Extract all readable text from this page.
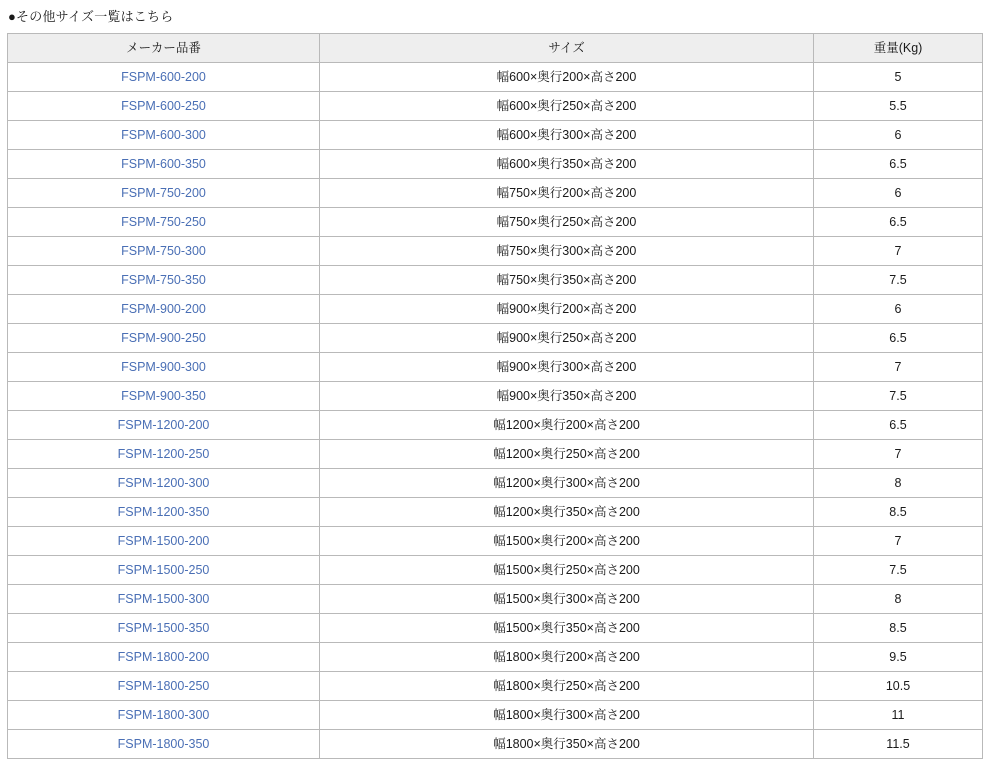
●その他サイズ一覧はこちら
メーカー品番	サイズ	重量(Kg)
FSPM-600-200	幅600×奥行200×高さ200	5
FSPM-600-250	幅600×奥行250×高さ200	5.5
FSPM-600-300	幅600×奥行300×高さ200	6
FSPM-600-350	幅600×奥行350×高さ200	6.5
FSPM-750-200	幅750×奥行200×高さ200	6
FSPM-750-250	幅750×奥行250×高さ200	6.5
FSPM-750-300	幅750×奥行300×高さ200	7
FSPM-750-350	幅750×奥行350×高さ200	7.5
FSPM-900-200	幅900×奥行200×高さ200	6
FSPM-900-250	幅900×奥行250×高さ200	6.5
FSPM-900-300	幅900×奥行300×高さ200	7
FSPM-900-350	幅900×奥行350×高さ200	7.5
FSPM-1200-200	幅1200×奥行200×高さ200	6.5
FSPM-1200-250	幅1200×奥行250×高さ200	7
FSPM-1200-300	幅1200×奥行300×高さ200	8
FSPM-1200-350	幅1200×奥行350×高さ200	8.5
FSPM-1500-200	幅1500×奥行200×高さ200	7
FSPM-1500-250	幅1500×奥行250×高さ200	7.5
FSPM-1500-300	幅1500×奥行300×高さ200	8
FSPM-1500-350	幅1500×奥行350×高さ200	8.5
FSPM-1800-200	幅1800×奥行200×高さ200	9.5
FSPM-1800-250	幅1800×奥行250×高さ200	10.5
FSPM-1800-300	幅1800×奥行300×高さ200	11
FSPM-1800-350	幅1800×奥行350×高さ200	11.5
